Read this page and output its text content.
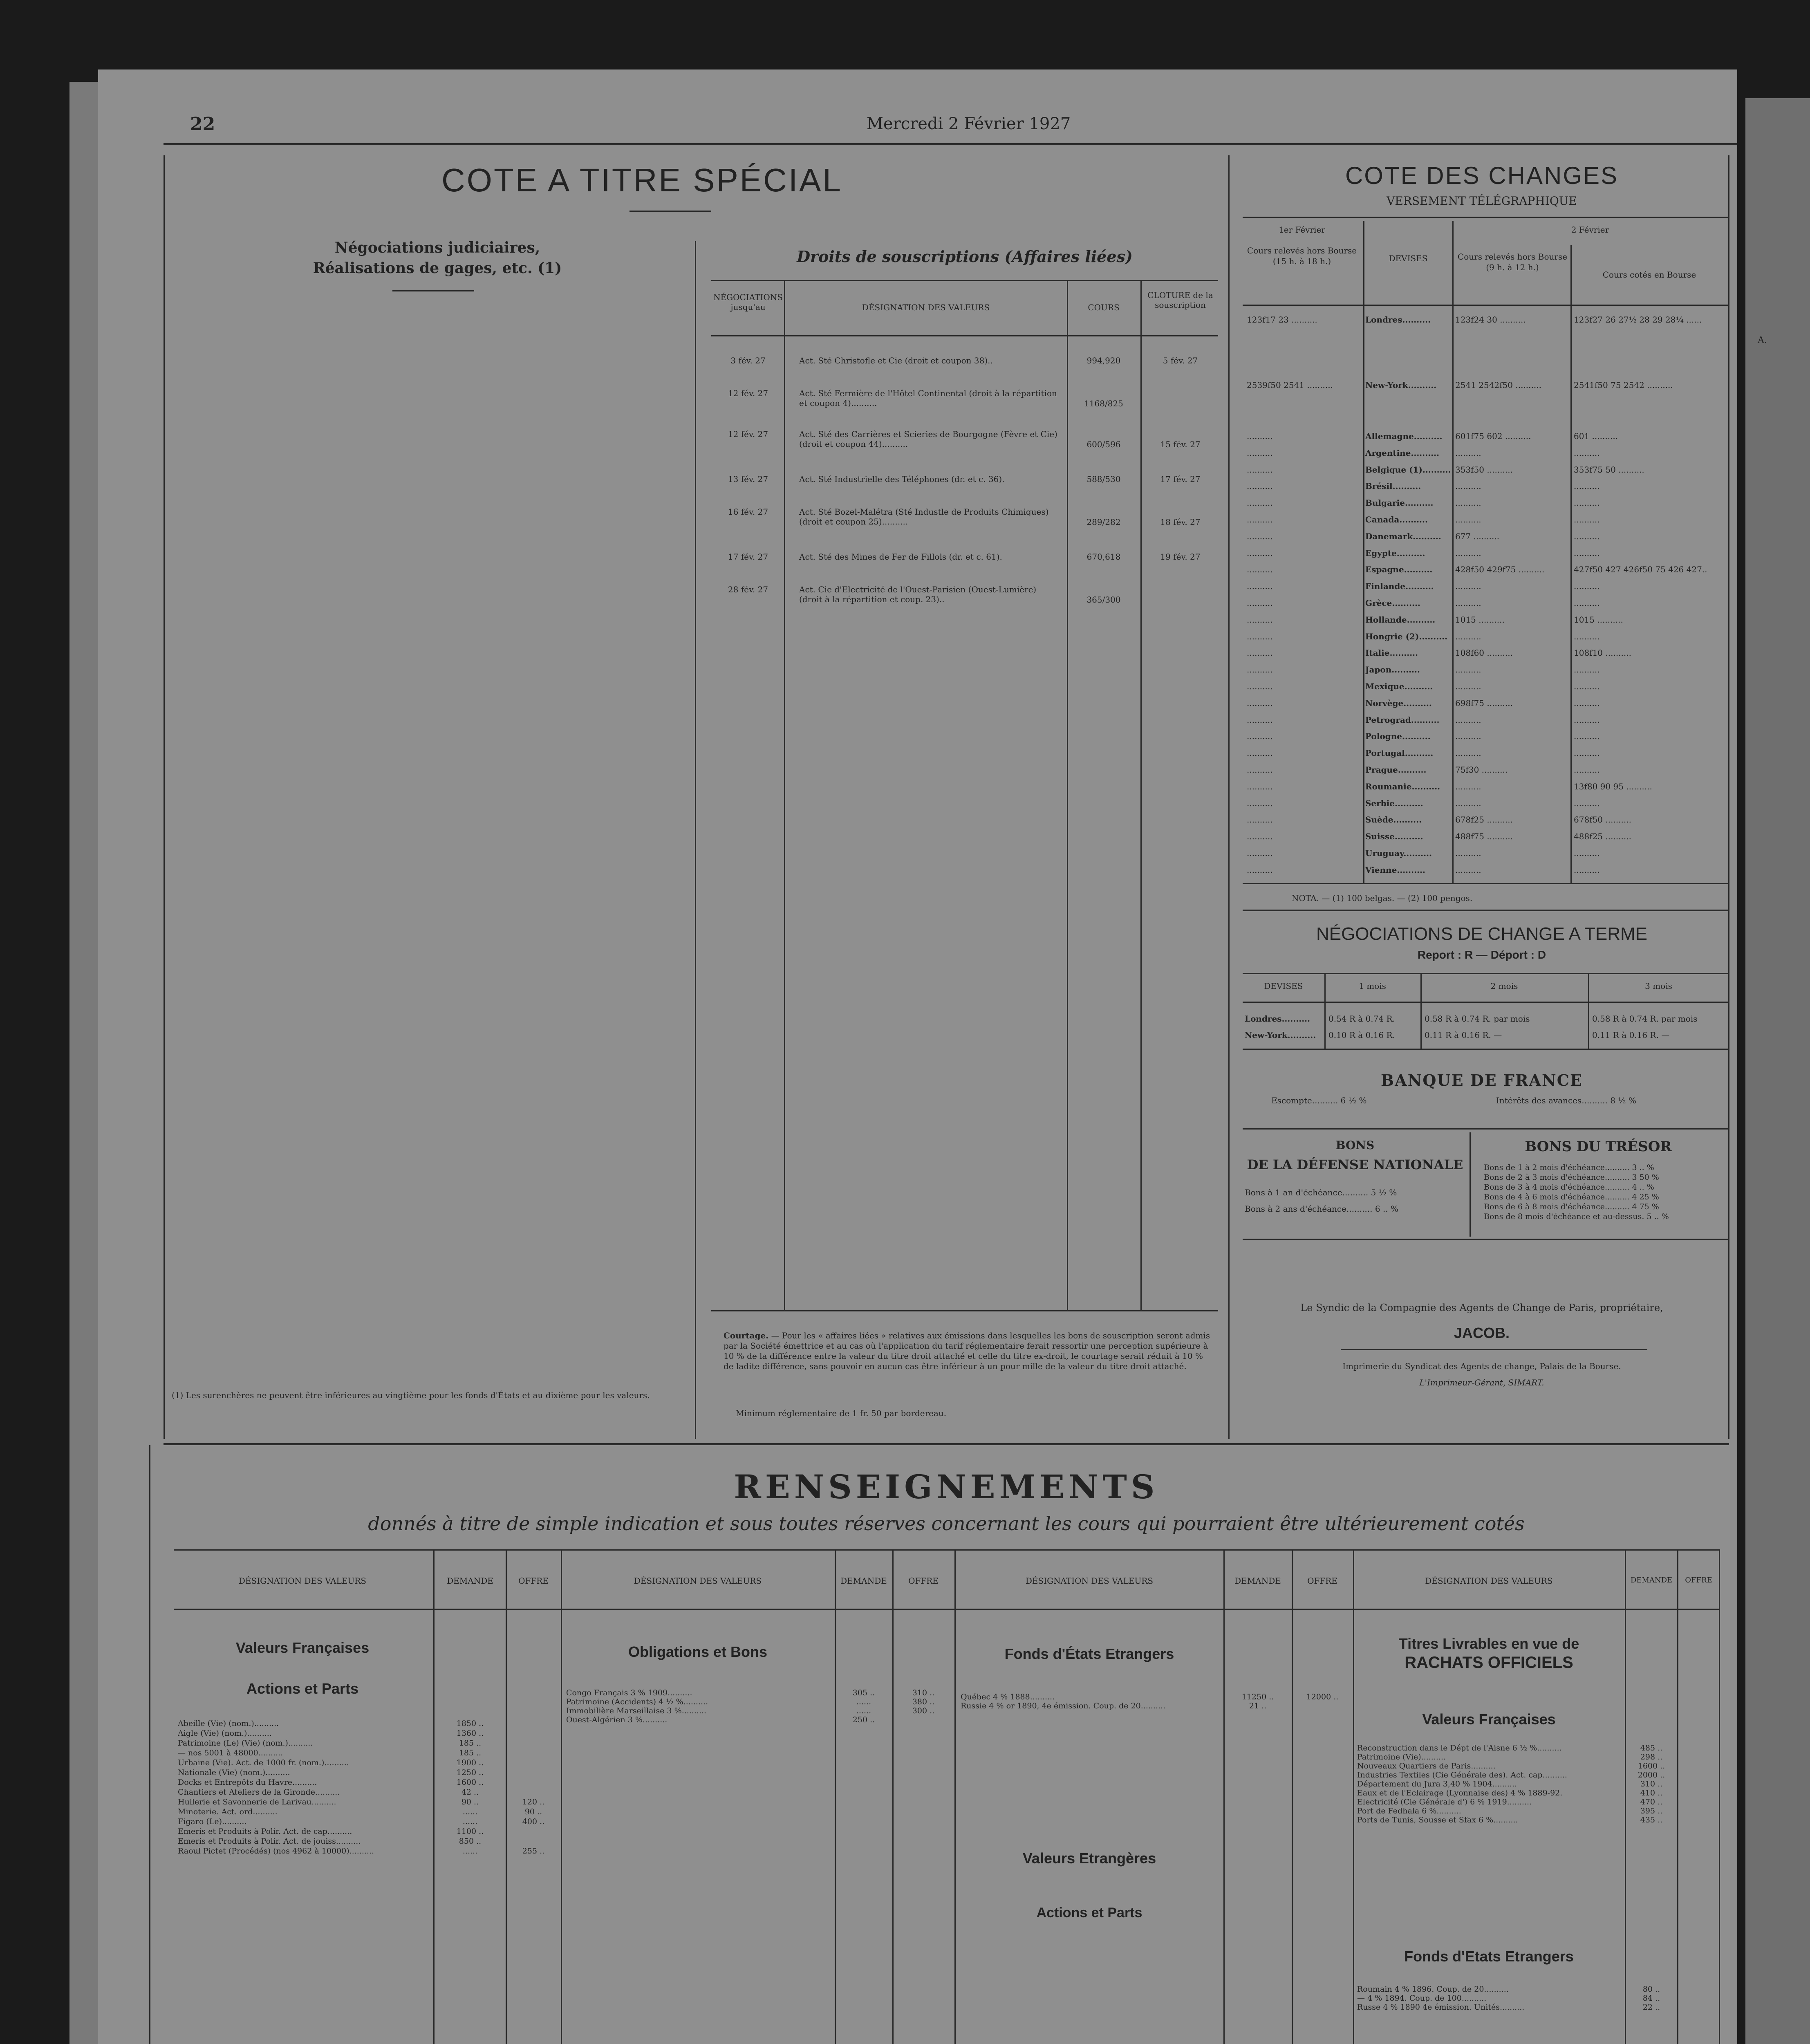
22	Mercredi 2 Février 1927
COTE A TITRE SPÉCIAL
Négociations judiciaires,
Réalisations de gages, etc. (1)
(1) Les surenchères ne peuvent être inférieures au vingtième pour les fonds d'États et au dixième pour les valeurs.
Droits de souscriptions (Affaires liées)
NÉGOCIATIONS jusqu'au	DÉSIGNATION DES VALEURS	COURS
CLOTURE de la souscription
3 fév. 27	Act. Sté Christofle et Cie (droit et coupon 38)..	994,920	5 fév. 27
12 fév. 27	Act. Sté Fermière de l'Hôtel Continental (droit à la répartition et coupon 4)..........	1168/825
12 fév. 27	Act. Sté des Carrières et Scieries de Bourgogne (Fèvre et Cie) (droit et coupon 44)..........	600/596	15 fév. 27
13 fév. 27	Act. Sté Industrielle des Téléphones (dr. et c. 36).	588/530	17 fév. 27
16 fév. 27	Act. Sté Bozel-Malétra (Sté Industle de Produits Chimiques) (droit et coupon 25)..........	289/282	18 fév. 27
17 fév. 27	Act. Sté des Mines de Fer de Fillols (dr. et c. 61).	670,618	19 fév. 27
28 fév. 27	Act. Cie d'Electricité de l'Ouest-Parisien (Ouest-Lumière) (droit à la répartition et coup. 23)..	365/300
Courtage. — Pour les « affaires liées » relatives aux émissions dans lesquelles les bons de souscription seront admis par la Société émettrice et au cas où l'application du tarif réglementaire ferait ressortir une perception supérieure à 10 % de la différence entre la valeur du titre droit attaché et celle du titre ex-droit, le courtage serait réduit à 10 % de ladite différence, sans pouvoir en aucun cas être inférieur à un pour mille de la valeur du titre droit attaché.
Minimum réglementaire de 1 fr. 50 par bordereau.
COTE DES CHANGES
VERSEMENT TÉLÉGRAPHIQUE
1er Février
Cours relevés hors Bourse (15 h. à 18 h.)	DEVISES
2 Février
Cours relevés hors Bourse (9 h. à 12 h.)
Cours cotés en Bourse
123f17 23 ..........	Londres..........	123f24 30 ..........	123f27 26 27½ 28 29 28¼ ......
2539f50 2541 ..........	New-York..........	2541 2542f50 ..........	2541f50 75 2542 ..........
..........	Allemagne..........	601f75 602 ..........	601 ..........
..........	Argentine..........	..........	..........
..........	Belgique (1).......... 353f50 ..........	353f75 50 ..........
..........	Brésil..........	..........	..........
..........	Bulgarie..........	..........	..........
..........	Canada..........	..........	..........
..........	Danemark..........	677 ..........	..........
..........	Egypte..........	..........	..........
..........	Espagne..........	428f50 429f75 ..........	427f50 427 426f50 75 426 427..
..........	Finlande..........	..........	..........
..........	Grèce..........	..........	..........
..........	Hollande..........	1015 ..........	1015 ..........
..........	Hongrie (2).......... ..........	..........
..........	Italie..........	108f60 ..........	108f10 ..........
..........	Japon..........	..........	..........
..........	Mexique..........	..........	..........
..........	Norvège..........	698f75 ..........	..........
..........	Petrograd..........	..........	..........
..........	Pologne..........	..........	..........
..........	Portugal..........	..........	..........
..........	Prague..........	75f30 ..........	..........
..........	Roumanie..........	..........	13f80 90 95 ..........
..........	Serbie..........	..........	..........
..........	Suède..........	678f25 ..........	678f50 ..........
..........	Suisse..........	488f75 ..........	488f25 ..........
..........	Uruguay..........	..........	..........
..........	Vienne..........	..........	..........
NOTA. — (1) 100 belgas. — (2) 100 pengos.
NÉGOCIATIONS DE CHANGE A TERME
Report : R — Déport : D
DEVISES	1 mois	2 mois	3 mois
Londres..........	0.54 R à 0.74 R.	0.58 R à 0.74 R. par mois	0.58 R à 0.74 R. par mois
New-York..........	0.10 R à 0.16 R.	0.11 R à 0.16 R. —	0.11 R à 0.16 R. —
BANQUE DE FRANCE
Escompte.......... 6 ½ %	Intérêts des avances.......... 8 ½ %
BONS
DE LA DÉFENSE NATIONALE
Bons à 1 an d'échéance.......... 5 ½ %
Bons à 2 ans d'échéance.......... 6 .. %
BONS DU TRÉSOR
Bons de 1 à 2 mois d'échéance.......... 3 .. %
Bons de 2 à 3 mois d'échéance.......... 3 50 %
Bons de 3 à 4 mois d'échéance.......... 4 .. %
Bons de 4 à 6 mois d'échéance.......... 4 25 %
Bons de 6 à 8 mois d'échéance.......... 4 75 %
Bons de 8 mois d'échéance et au-dessus. 5 .. %
Le Syndic de la Compagnie des Agents de Change de Paris, propriétaire,
JACOB.
Imprimerie du Syndicat des Agents de change, Palais de la Bourse.
L'Imprimeur-Gérant, SIMART.
RENSEIGNEMENTS
donnés à titre de simple indication et sous toutes réserves concernant les cours qui pourraient être ultérieurement cotés
DÉSIGNATION DES VALEURS	DEMANDE	OFFRE	DÉSIGNATION DES VALEURS	DEMANDE	OFFRE	DÉSIGNATION DES VALEURS	DEMANDE	OFFRE	DÉSIGNATION DES VALEURS	DEMANDE	OFFRE
Valeurs Françaises
Actions et Parts
Abeille (Vie) (nom.)..........	1850 ..
Aigle (Vie) (nom.)..........	1360 ..
Patrimoine (Le) (Vie) (nom.)..........	185 ..
— nos 5001 à 48000..........	185 ..
Urbaine (Vie). Act. de 1000 fr. (nom.)..........	1900 ..
Nationale (Vie) (nom.)..........	1250 ..
Docks et Entrepôts du Havre..........	1600 ..
Chantiers et Ateliers de la Gironde..........	42 ..
Huilerie et Savonnerie de Larivau..........	90 ..	120 ..
Minoterie. Act. ord..........	......	90 ..
Figaro (Le)..........	......	400 ..
Emeris et Produits à Polir. Act. de cap..........	1100 ..
Emeris et Produits à Polir. Act. de jouiss..........	850 ..
Raoul Pictet (Procédés) (nos 4962 à 10000)..........	......	255 ..
Obligations et Bons
Congo Français 3 % 1909..........	305 ..	310 ..
Patrimoine (Accidents) 4 ½ %..........	......	380 ..
Immobilière Marseillaise 3 %..........	......	300 ..
Ouest-Algérien 3 %..........	250 ..
Fonds d'États Etrangers
Québec 4 % 1888..........	11250 ..	12000 ..
Russie 4 % or 1890, 4e émission. Coup. de 20..........	21 ..
Valeurs Etrangères
Actions et Parts
Titres Livrables en vue de
RACHATS OFFICIELS
Valeurs Françaises
Reconstruction dans le Dépt de l'Aisne 6 ½ %..........	485 ..
Patrimoine (Vie)..........	298 ..
Nouveaux Quartiers de Paris..........	1600 ..
Industries Textiles (Cie Générale des). Act. cap..........	2000 ..
Département du Jura 3,40 % 1904..........	310 ..
Eaux et de l'Eclairage (Lyonnaise des) 4 % 1889-92.	410 ..
Electricité (Cie Générale d') 6 % 1919..........	470 ..
Port de Fedhala 6 %..........	395 ..
Ports de Tunis, Sousse et Sfax 6 %..........	435 ..
Fonds d'Etats Etrangers
Roumain 4 % 1896. Coup. de 20..........	80 ..
— 4 % 1894. Coup. de 100..........	84 ..
Russe 4 % 1890 4e émission. Unités..........	22 ..
A.
